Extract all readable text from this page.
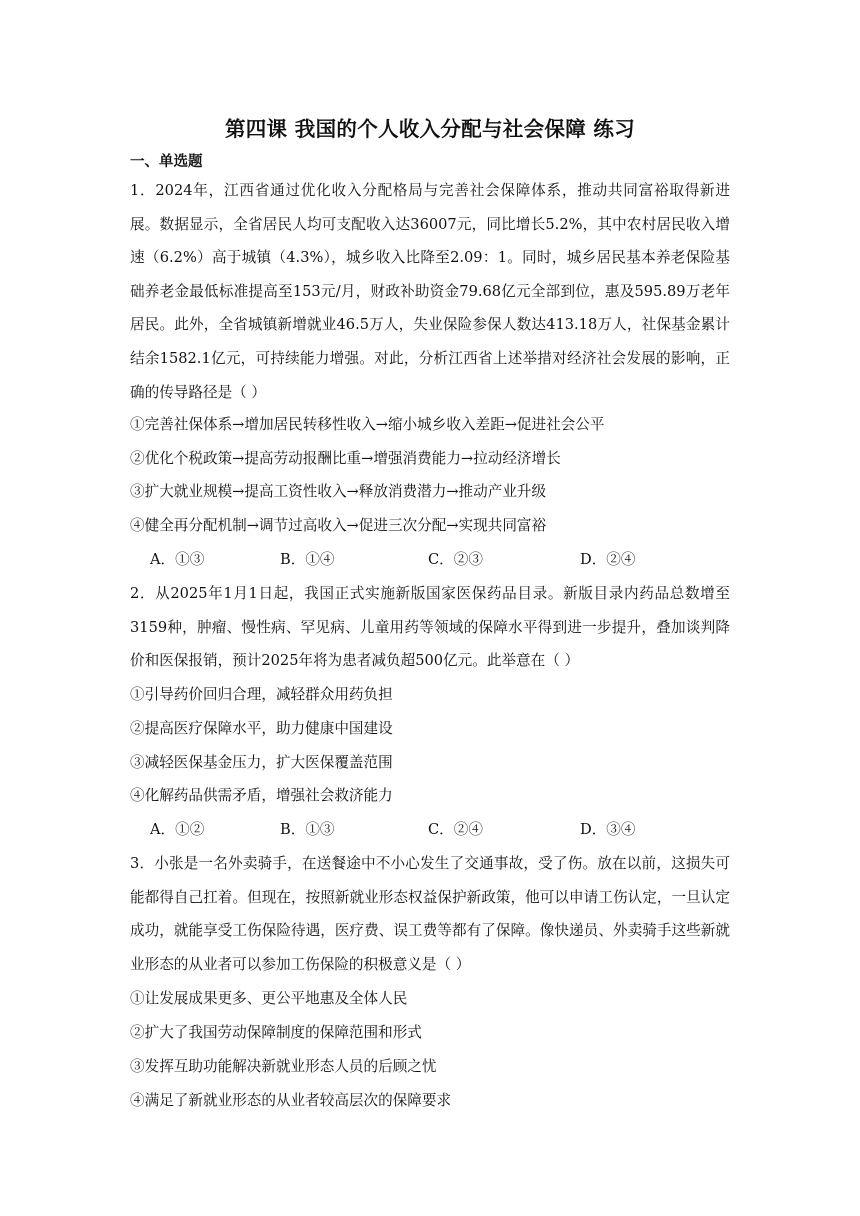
第四课 我国的个人收入分配与社会保障 练习
一、单选题
1．2024年，江西省通过优化收入分配格局与完善社会保障体系，推动共同富裕取得新进展。数据显示，全省居民人均可支配收入达36007元，同比增长5.2%，其中农村居民收入增速（6.2%）高于城镇（4.3%），城乡收入比降至2.09：1。同时，城乡居民基本养老保险基础养老金最低标准提高至153元/月，财政补助资金79.68亿元全部到位，惠及595.89万老年居民。此外，全省城镇新增就业46.5万人，失业保险参保人数达413.18万人，社保基金累计结余1582.1亿元，可持续能力增强。对此，分析江西省上述举措对经济社会发展的影响，正确的传导路径是（ ）
①完善社保体系→增加居民转移性收入→缩小城乡收入差距→促进社会公平
②优化个税政策→提高劳动报酬比重→增强消费能力→拉动经济增长
③扩大就业规模→提高工资性收入→释放消费潜力→推动产业升级
④健全再分配机制→调节过高收入→促进三次分配→实现共同富裕
A．①③	B．①④	C．②③	D．②④
2．从2025年1月1日起，我国正式实施新版国家医保药品目录。新版目录内药品总数增至3159种，肿瘤、慢性病、罕见病、儿童用药等领域的保障水平得到进一步提升，叠加谈判降价和医保报销，预计2025年将为患者减负超500亿元。此举意在（ ）
①引导药价回归合理，减轻群众用药负担
②提高医疗保障水平，助力健康中国建设
③减轻医保基金压力，扩大医保覆盖范围
④化解药品供需矛盾，增强社会救济能力
A．①②	B．①③	C．②④	D．③④
3．小张是一名外卖骑手，在送餐途中不小心发生了交通事故，受了伤。放在以前，这损失可能都得自己扛着。但现在，按照新就业形态权益保护新政策，他可以申请工伤认定，一旦认定成功，就能享受工伤保险待遇，医疗费、误工费等都有了保障。像快递员、外卖骑手这些新就业形态的从业者可以参加工伤保险的积极意义是（ ）
①让发展成果更多、更公平地惠及全体人民
②扩大了我国劳动保障制度的保障范围和形式
③发挥互助功能解决新就业形态人员的后顾之忧
④满足了新就业形态的从业者较高层次的保障要求
